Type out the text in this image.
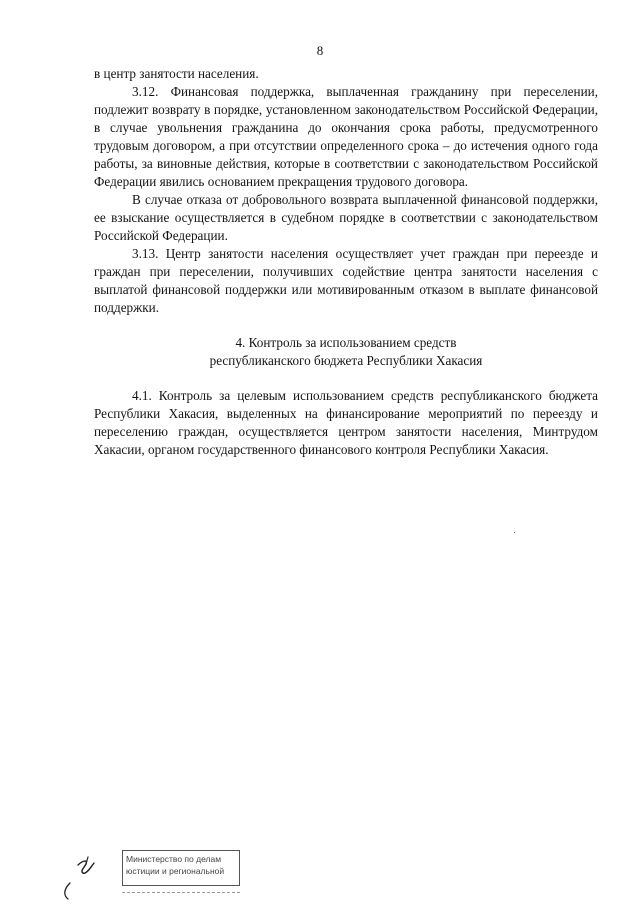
8

в центр занятости населения.

3.12. Финансовая поддержка, выплаченная гражданину при переселении, подлежит возврату в порядке, установленном законодательством Российской Федерации, в случае увольнения гражданина до окончания срока работы, предусмотренного трудовым договором, а при отсутствии определенного срока – до истечения одного года работы, за виновные действия, которые в соответствии с законодательством Российской Федерации явились основанием прекращения трудового договора.

В случае отказа от добровольного возврата выплаченной финансовой поддержки, ее взыскание осуществляется в судебном порядке в соответствии с законодательством Российской Федерации.

3.13. Центр занятости населения осуществляет учет граждан при переезде и граждан при переселении, получивших содействие центра занятости населения с выплатой финансовой поддержки или мотивированным отказом в выплате финансовой поддержки.

4. Контроль за использованием средств
республиканского бюджета Республики Хакасия

4.1. Контроль за целевым использованием средств республиканского бюджета Республики Хакасия, выделенных на финансирование мероприятий по переезду и переселению граждан, осуществляется центром занятости населения, Минтрудом Хакасии, органом государственного финансового контроля Республики Хакасия.

Министерство по делам
юстиции и региональной
